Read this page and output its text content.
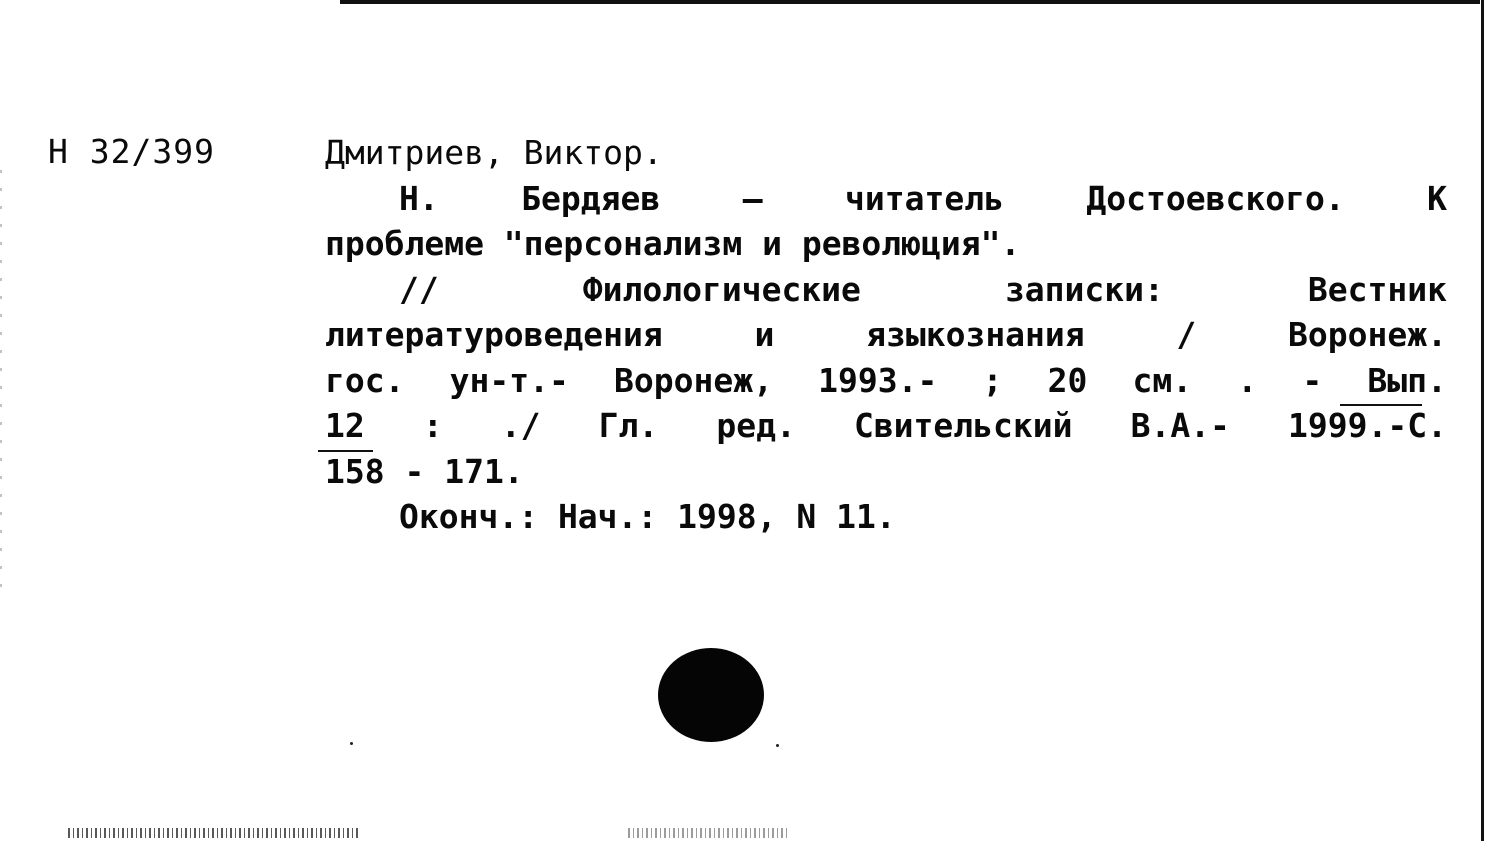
Н 32/399	Дмитриев, Виктор.
Н. Бердяев – читатель Достоевского. К
проблеме "персонализм и революция".
//	Филологические	записки:	Вестник
литературоведения	и	языкознания	/	Воронеж.
гос. ун-т.- Воронеж, 1993.- ; 20 см. . - Вып.
12 : ./ Гл. ред. Свительский В.А.- 1999.-С.
158 - 171.
Оконч.: Нач.: 1998, N 11.
